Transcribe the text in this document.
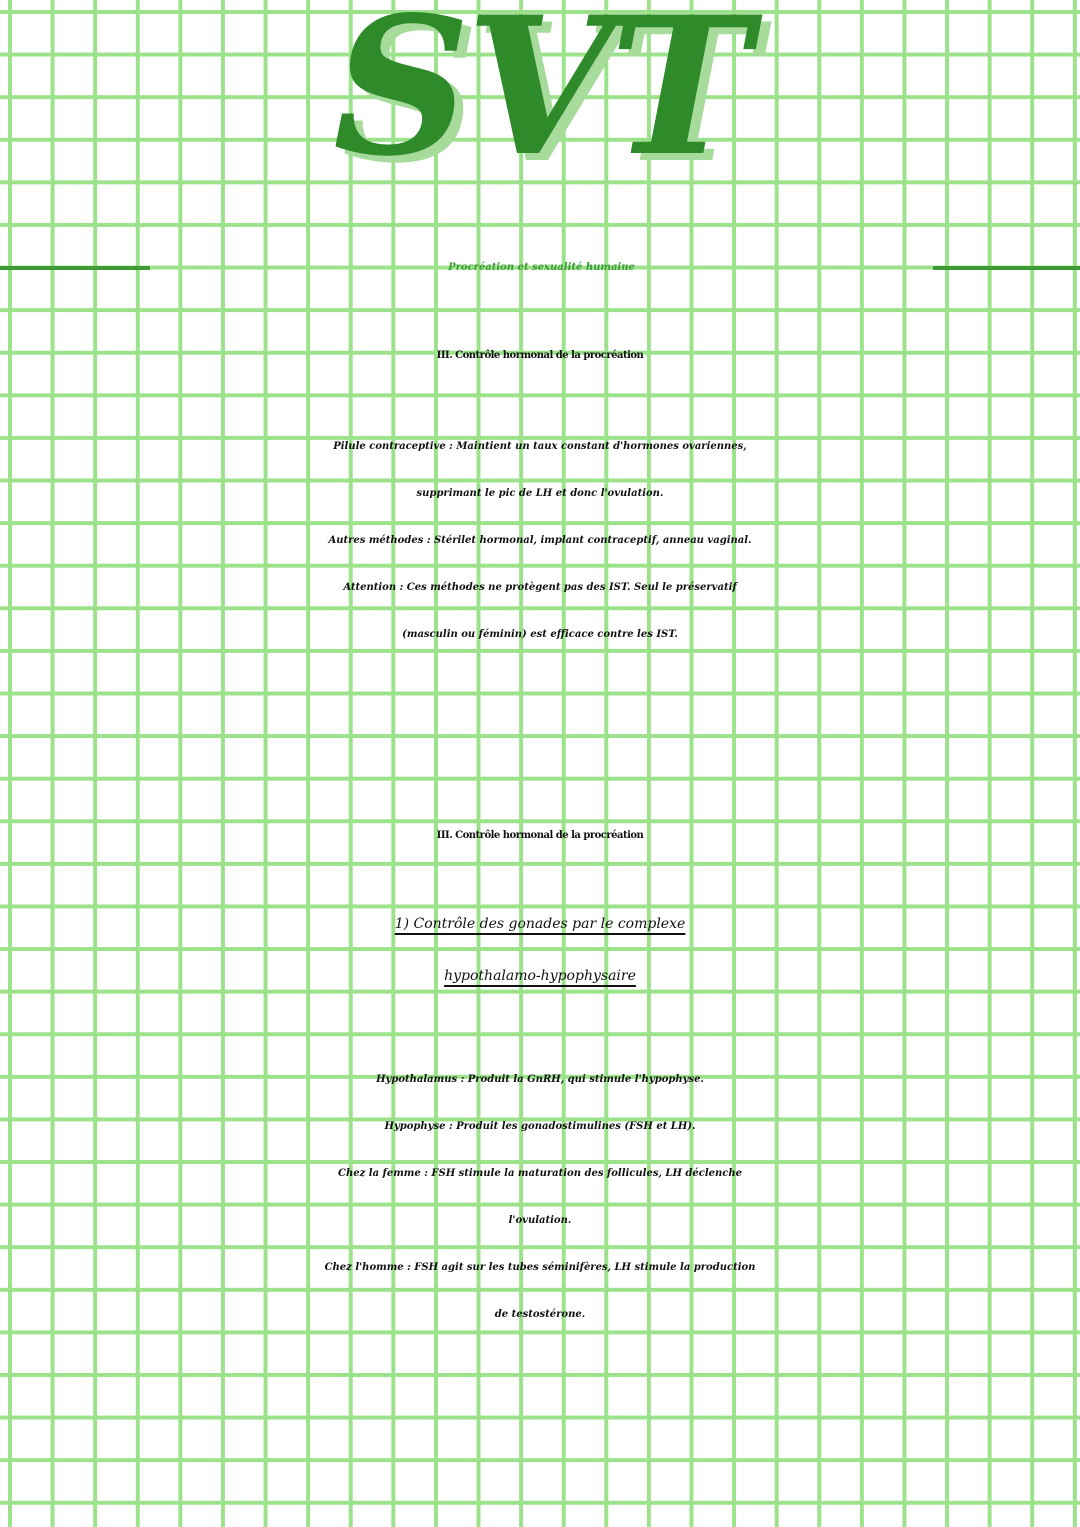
SVT
Procréation et sexualité humaine
III. Contrôle hormonal de la procréation
Pilule contraceptive : Maintient un taux constant d'hormones ovariennes,
supprimant le pic de LH et donc l'ovulation.
Autres méthodes : Stérilet hormonal, implant contraceptif, anneau vaginal.
Attention : Ces méthodes ne protègent pas des IST. Seul le préservatif
(masculin ou féminin) est efficace contre les IST.
III. Contrôle hormonal de la procréation
1) Contrôle des gonades par le complexe
hypothalamo-hypophysaire
Hypothalamus : Produit la GnRH, qui stimule l'hypophyse.
Hypophyse : Produit les gonadostimulines (FSH et LH).
Chez la femme : FSH stimule la maturation des follicules, LH déclenche
l'ovulation.
Chez l'homme : FSH agit sur les tubes séminifères, LH stimule la production
de testostérone.
